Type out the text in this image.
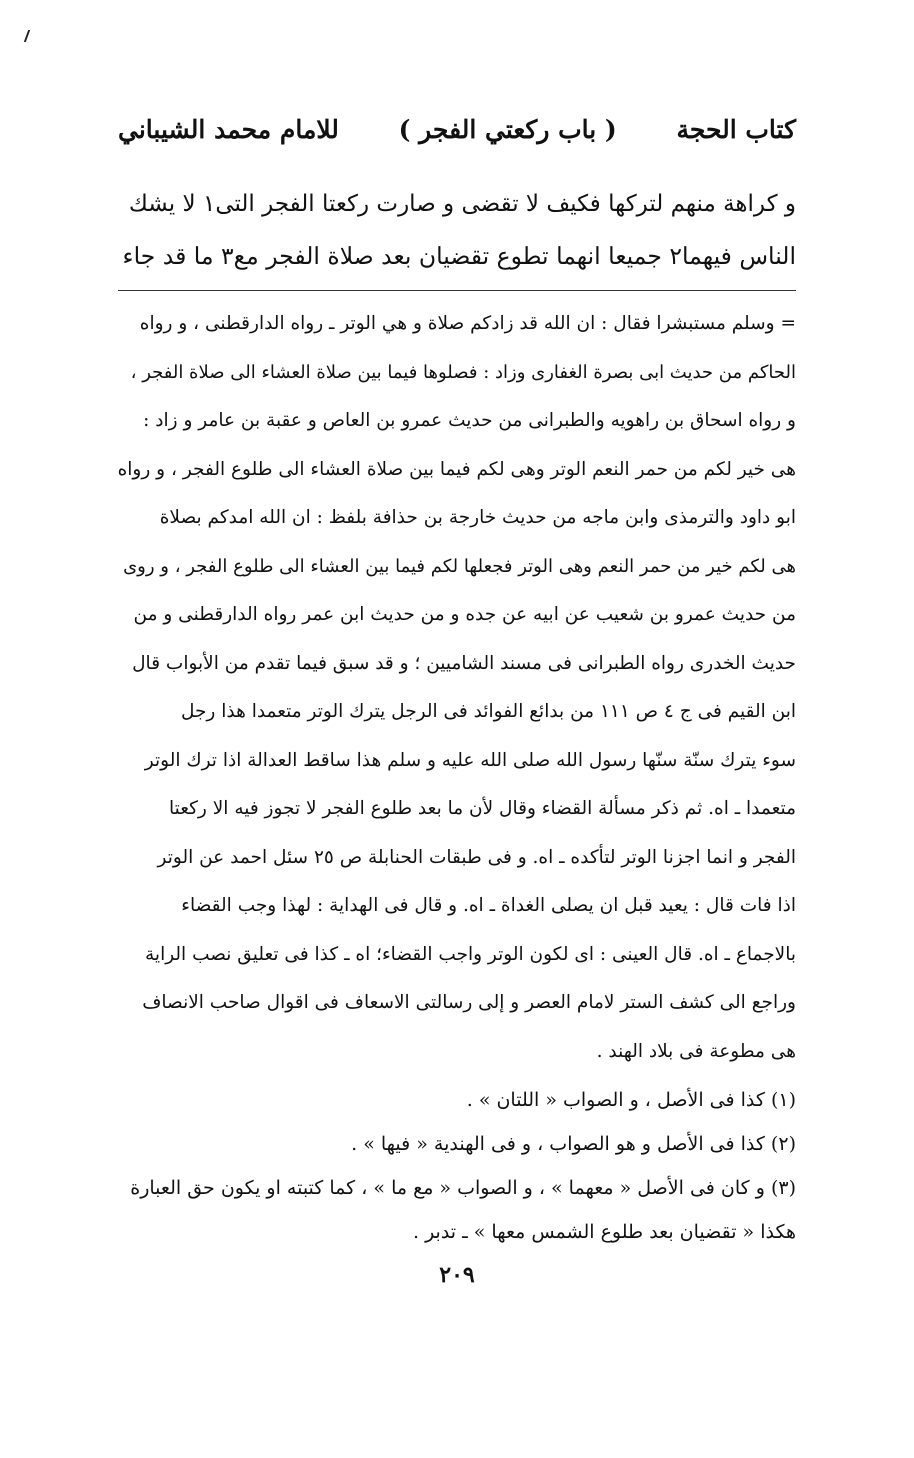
كتاب الحجة
( باب ركعتي الفجر )
للامام محمد الشيباني
و كراهة منهم لتركها فكيف لا تقضى و صارت ركعتا الفجر التى١ لا يشك
الناس فيهما٢ جميعا انهما تطوع تقضيان بعد صلاة الفجر مع٣ ما قد جاء
= وسلم مستبشرا فقال : ان الله قد زادكم صلاة و هي الوتر ـ رواه الدارقطنى ، و رواه
الحاكم من حديث ابى بصرة الغفارى وزاد : فصلوها فيما بين صلاة العشاء الى صلاة الفجر ،
و رواه اسحاق بن راهويه والطبرانى من حديث عمرو بن العاص و عقبة بن عامر و زاد :
هى خير لكم من حمر النعم الوتر وهى لكم فيما بين صلاة العشاء الى طلوع الفجر ، و رواه
ابو داود والترمذى وابن ماجه من حديث خارجة بن حذافة بلفظ : ان الله امدكم بصلاة
هى لكم خير من حمر النعم وهى الوتر فجعلها لكم فيما بين العشاء الى طلوع الفجر ، و روى
من حديث عمرو بن شعيب عن ابيه عن جده و من حديث ابن عمر رواه الدارقطنى و من
حديث الخدرى رواه الطبرانى فى مسند الشاميين ؛ و قد سبق فيما تقدم من الأبواب قال
ابن القيم فى ج ٤ ص ١١١ من بدائع الفوائد فى الرجل يترك الوتر متعمدا هذا رجل
سوء يترك سنّة سنّها رسول الله صلى الله عليه و سلم هذا ساقط العدالة اذا ترك الوتر
متعمدا ـ اه. ثم ذكر مسألة القضاء وقال لأن ما بعد طلوع الفجر لا تجوز فيه الا ركعتا
الفجر و انما اجزنا الوتر لتأكده ـ اه. و فى طبقات الحنابلة ص ٢٥ سئل احمد عن الوتر
اذا فات قال : يعيد قبل ان يصلى الغداة ـ اه. و قال فى الهداية : لهذا وجب القضاء
بالاجماع ـ اه. قال العينى : اى لكون الوتر واجب القضاء؛ اه ـ كذا فى تعليق نصب الراية
وراجع الى كشف الستر لامام العصر و إلى رسالتى الاسعاف فى اقوال صاحب الانصاف
هى مطوعة فى بلاد الهند .
(١) كذا فى الأصل ، و الصواب « اللتان » .
(٢) كذا فى الأصل و هو الصواب ، و فى الهندية « فيها » .
(٣) و كان فى الأصل « معهما » ، و الصواب « مع ما » ، كما كتبته او يكون حق العبارة
هكذا « تقضيان بعد طلوع الشمس معها » ـ تدبر .
٢٠٩
